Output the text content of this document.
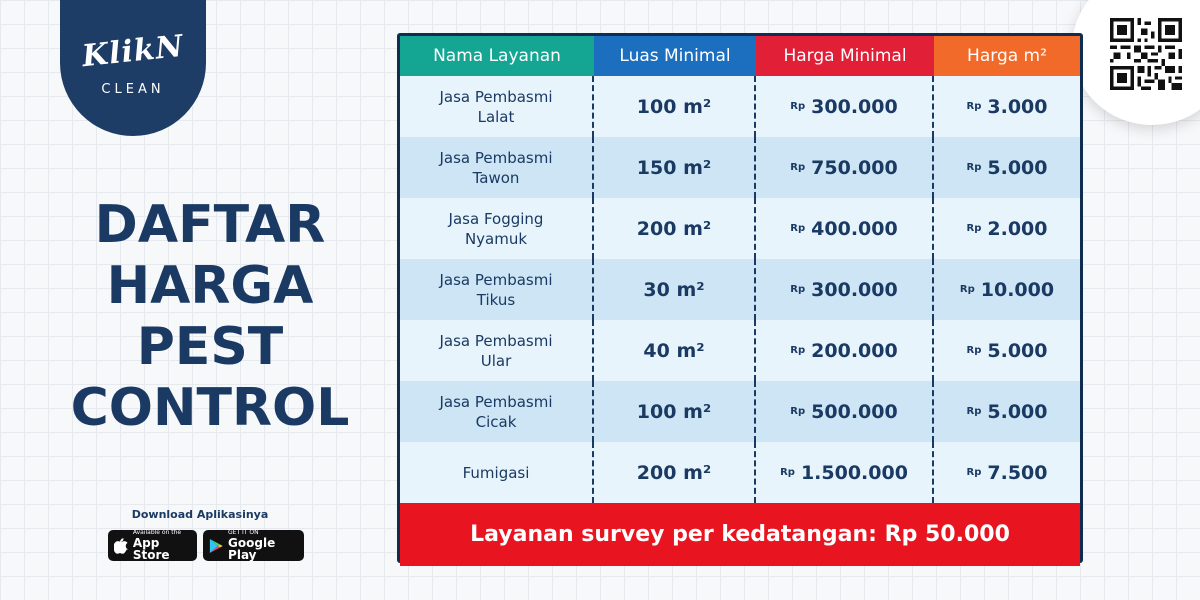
KlikN
CLEAN
DAFTAR
HARGA
PEST
CONTROL
Download Aplikasinya
Available on the
App Store
GET IT ON
Google Play
Nama Layanan	Luas Minimal	Harga Minimal	Harga m²
Jasa Pembasmi Lalat	100 m²	Rp 300.000	Rp 3.000
Jasa Pembasmi Tawon	150 m²	Rp 750.000	Rp 5.000
Jasa Fogging Nyamuk	200 m²	Rp 400.000	Rp 2.000
Jasa Pembasmi Tikus	30 m²	Rp 300.000	Rp 10.000
Jasa Pembasmi Ular	40 m²	Rp 200.000	Rp 5.000
Jasa Pembasmi Cicak	100 m²	Rp 500.000	Rp 5.000
Fumigasi	200 m²	Rp 1.500.000	Rp 7.500
Layanan survey per kedatangan: Rp 50.000
